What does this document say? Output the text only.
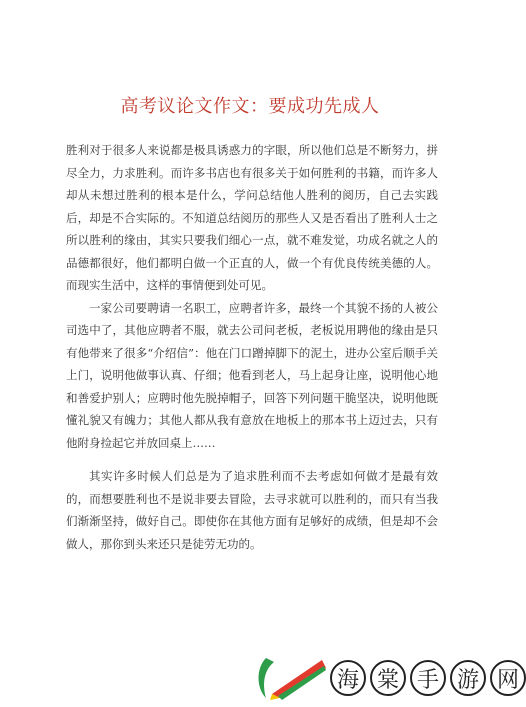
高考议论文作文：要成功先成人

胜利对于很多人来说都是极具诱惑力的字眼，所以他们总是不断努力，拼尽全力，力求胜利。而许多书店也有很多关于如何胜利的书籍，而许多人却从未想过胜利的根本是什么，学问总结他人胜利的阅历，自己去实践后，却是不合实际的。不知道总结阅历的那些人又是否看出了胜利人士之所以胜利的缘由，其实只要我们细心一点，就不难发觉，功成名就之人的品德都很好，他们都明白做一个正直的人，做一个有优良传统美德的人。而现实生活中，这样的事情便到处可见。

一家公司要聘请一名职工，应聘者许多，最终一个其貌不扬的人被公司选中了，其他应聘者不服，就去公司问老板，老板说用聘他的缘由是只有他带来了很多“介绍信”：他在门口蹭掉脚下的泥土，进办公室后顺手关上门，说明他做事认真、仔细；他看到老人，马上起身让座，说明他心地和善爱护别人；应聘时他先脱掉帽子，回答下列问题干脆坚决，说明他既懂礼貌又有魄力；其他人都从我有意放在地板上的那本书上迈过去，只有他附身捡起它并放回桌上……

其实许多时候人们总是为了追求胜利而不去考虑如何做才是最有效的，而想要胜利也不是说非要去冒险，去寻求就可以胜利的，而只有当我们渐渐坚持，做好自己。即使你在其他方面有足够好的成绩，但是却不会做人，那你到头来还只是徒劳无功的。

海 棠 手 游 网
